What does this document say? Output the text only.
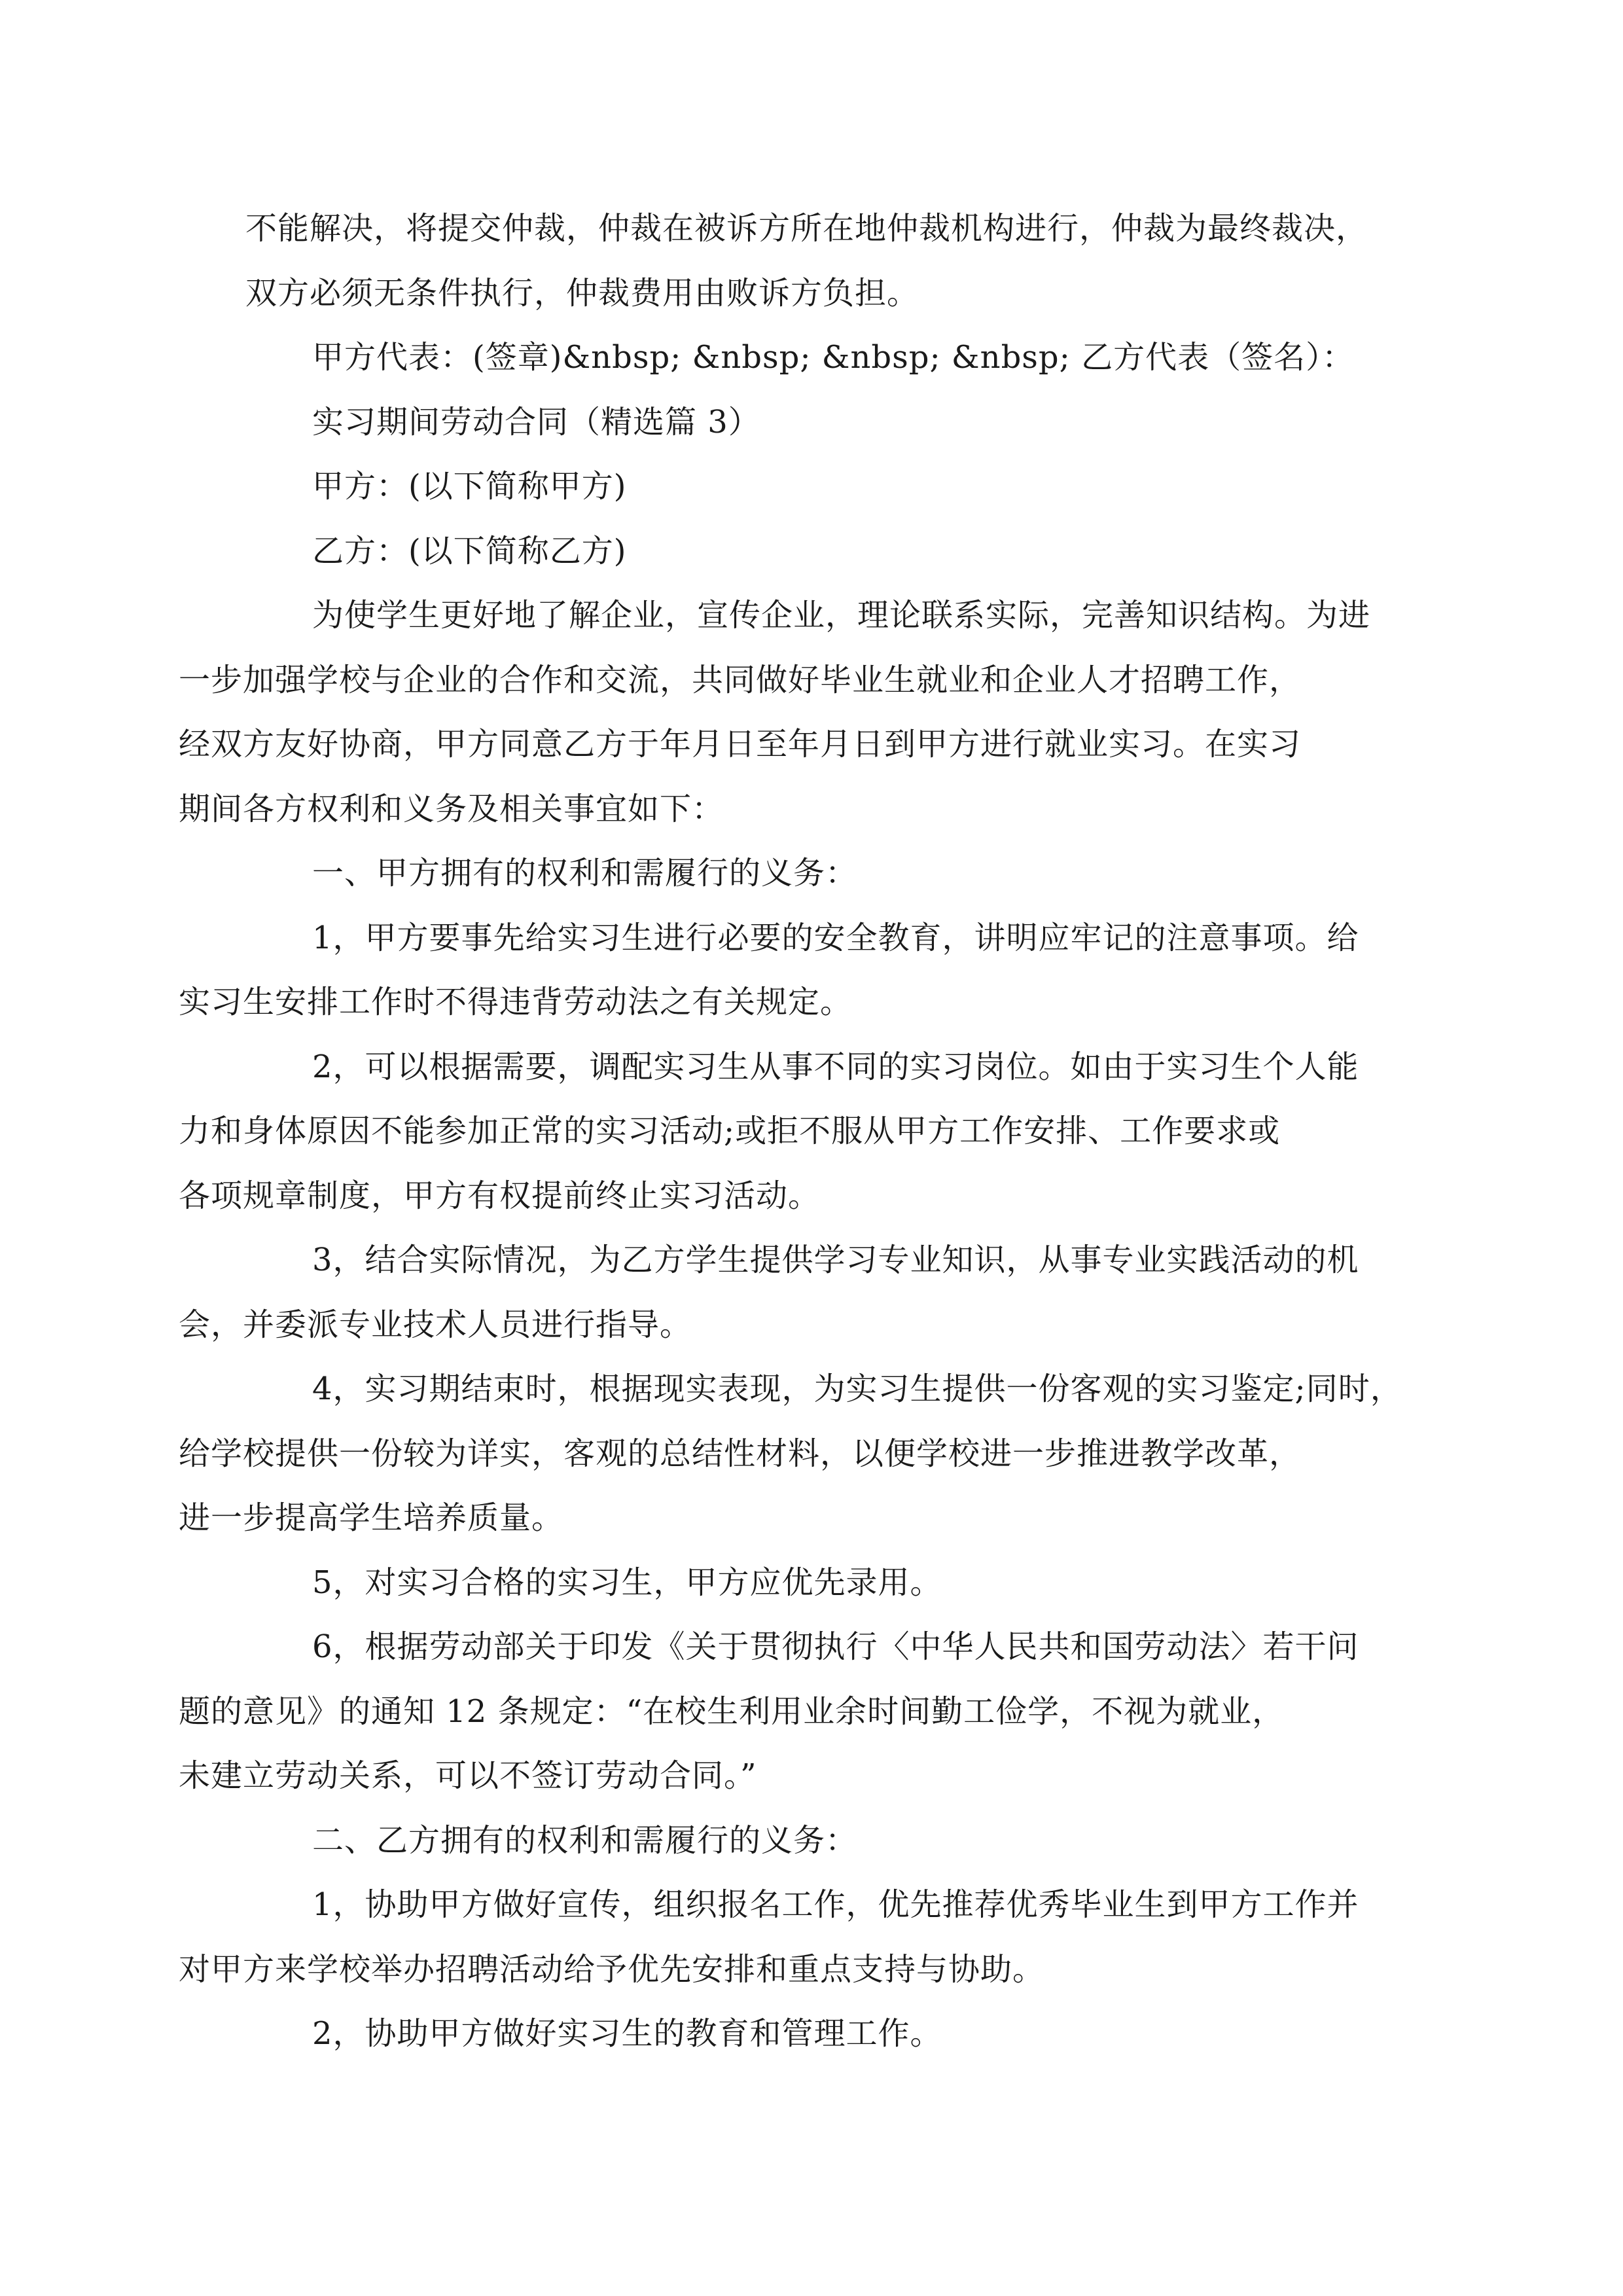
不能解决，将提交仲裁，仲裁在被诉方所在地仲裁机构进行，仲裁为最终裁决，
双方必须无条件执行，仲裁费用由败诉方负担。

甲方代表：(签章)&nbsp; &nbsp; &nbsp; &nbsp; 乙方代表（签名）：

实习期间劳动合同（精选篇 3）

甲方：(以下简称甲方)

乙方：(以下简称乙方)

为使学生更好地了解企业，宣传企业，理论联系实际，完善知识结构。为进
一步加强学校与企业的合作和交流，共同做好毕业生就业和企业人才招聘工作，
经双方友好协商，甲方同意乙方于年月日至年月日到甲方进行就业实习。在实习
期间各方权利和义务及相关事宜如下：

一、甲方拥有的权利和需履行的义务：

1，甲方要事先给实习生进行必要的安全教育，讲明应牢记的注意事项。给
实习生安排工作时不得违背劳动法之有关规定。

2，可以根据需要，调配实习生从事不同的实习岗位。如由于实习生个人能
力和身体原因不能参加正常的实习活动;或拒不服从甲方工作安排、工作要求或
各项规章制度，甲方有权提前终止实习活动。

3，结合实际情况，为乙方学生提供学习专业知识，从事专业实践活动的机
会，并委派专业技术人员进行指导。

4，实习期结束时，根据现实表现，为实习生提供一份客观的实习鉴定;同时，
给学校提供一份较为详实，客观的总结性材料，以便学校进一步推进教学改革，
进一步提高学生培养质量。

5，对实习合格的实习生，甲方应优先录用。

6，根据劳动部关于印发《关于贯彻执行〈中华人民共和国劳动法〉若干问
题的意见》的通知 12 条规定：“在校生利用业余时间勤工俭学，不视为就业，
未建立劳动关系，可以不签订劳动合同。”

二、乙方拥有的权利和需履行的义务：

1，协助甲方做好宣传，组织报名工作，优先推荐优秀毕业生到甲方工作并
对甲方来学校举办招聘活动给予优先安排和重点支持与协助。

2，协助甲方做好实习生的教育和管理工作。
